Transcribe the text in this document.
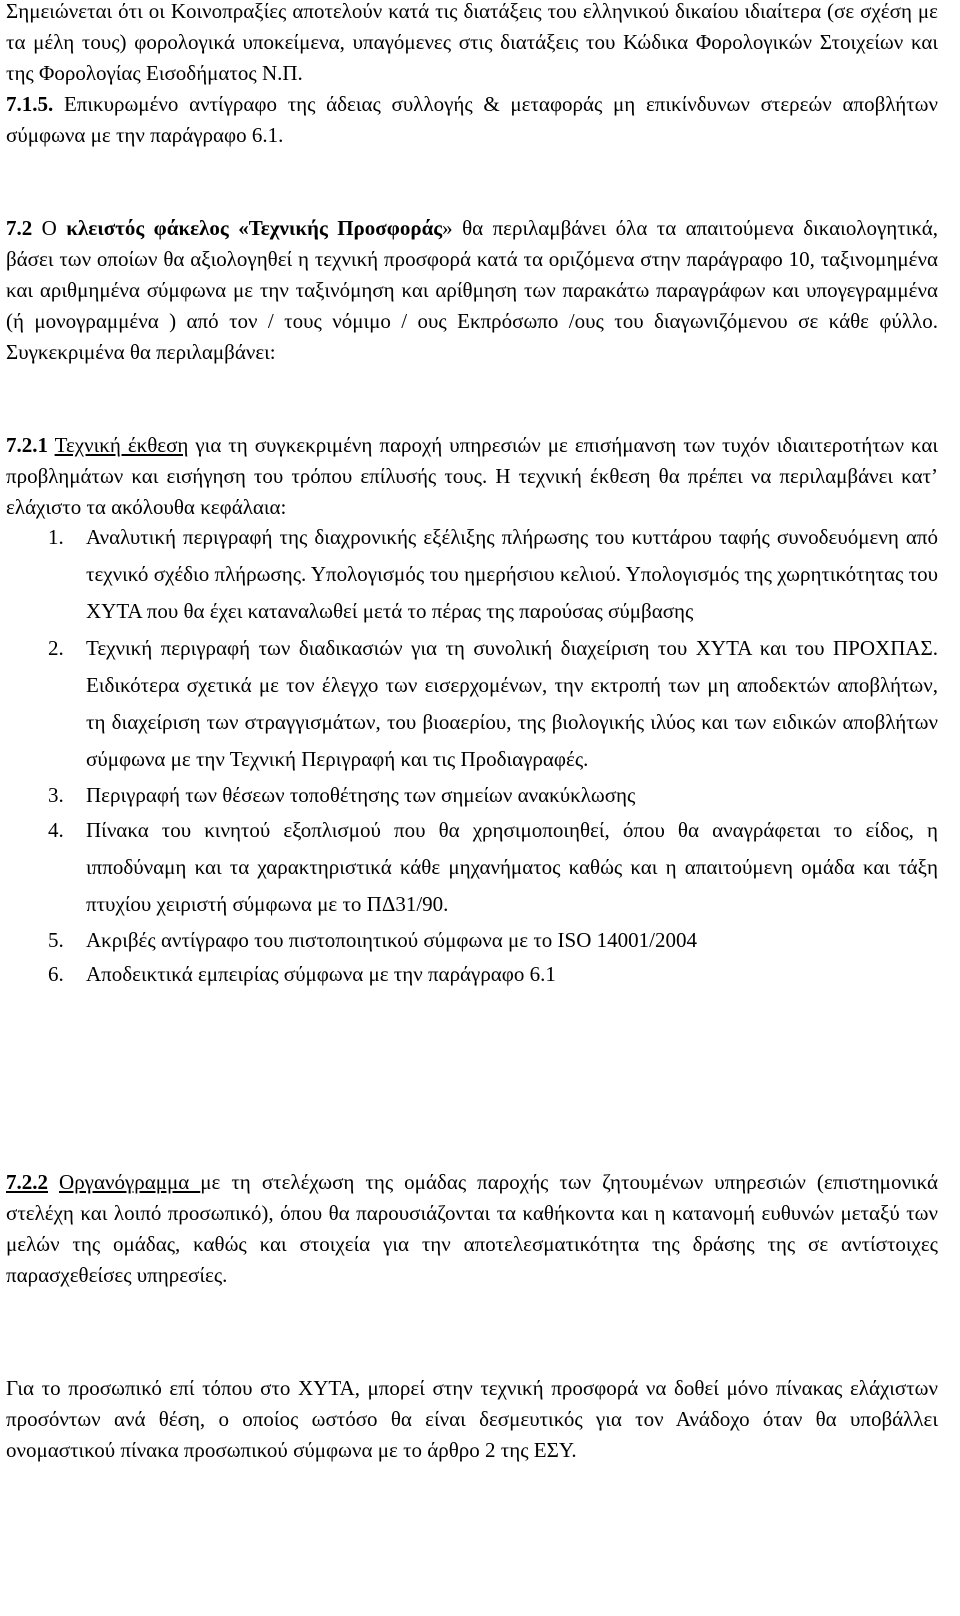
Σημειώνεται ότι οι Κοινοπραξίες αποτελούν κατά τις διατάξεις του ελληνικού δικαίου ιδιαίτερα (σε σχέση με τα μέλη τους) φορολογικά υποκείμενα, υπαγόμενες στις διατάξεις του Κώδικα Φορολογικών Στοιχείων και της Φορολογίας Εισοδήματος Ν.Π.

7.1.5. Επικυρωμένο αντίγραφο της άδειας συλλογής & μεταφοράς μη επικίνδυνων στερεών αποβλήτων σύμφωνα με την παράγραφο 6.1.

7.2 Ο κλειστός φάκελος «Τεχνικής Προσφοράς» θα περιλαμβάνει όλα τα απαιτούμενα δικαιολογητικά, βάσει των οποίων θα αξιολογηθεί η τεχνική προσφορά κατά τα οριζόμενα στην παράγραφο 10, ταξινομημένα και αριθμημένα σύμφωνα με την ταξινόμηση και αρίθμηση των παρακάτω παραγράφων και υπογεγραμμένα (ή μονογραμμένα ) από τον / τους νόμιμο / ους Εκπρόσωπο /ους του διαγωνιζόμενου σε κάθε φύλλο. Συγκεκριμένα θα περιλαμβάνει:

7.2.1 Τεχνική έκθεση για τη συγκεκριμένη παροχή υπηρεσιών με επισήμανση των τυχόν ιδιαιτεροτήτων και προβλημάτων και εισήγηση του τρόπου επίλυσής τους. Η τεχνική έκθεση θα πρέπει να περιλαμβάνει κατ’ ελάχιστο τα ακόλουθα κεφάλαια:

1. Αναλυτική περιγραφή της διαχρονικής εξέλιξης πλήρωσης του κυττάρου ταφής συνοδευόμενη από τεχνικό σχέδιο πλήρωσης. Υπολογισμός του ημερήσιου κελιού. Υπολογισμός της χωρητικότητας του ΧΥΤΑ που θα έχει καταναλωθεί μετά το πέρας της παρούσας σύμβασης
2. Τεχνική περιγραφή των διαδικασιών για τη συνολική διαχείριση του ΧΥΤΑ και του ΠΡΟΧΠΑΣ. Ειδικότερα σχετικά με τον έλεγχο των εισερχομένων, την εκτροπή των μη αποδεκτών αποβλήτων, τη διαχείριση των στραγγισμάτων, του βιοαερίου, της βιολογικής ιλύος και των ειδικών αποβλήτων σύμφωνα με την Τεχνική Περιγραφή και τις Προδιαγραφές.
3. Περιγραφή των θέσεων τοποθέτησης των σημείων ανακύκλωσης
4. Πίνακα του κινητού εξοπλισμού που θα χρησιμοποιηθεί, όπου θα αναγράφεται το είδος, η ιπποδύναμη και τα χαρακτηριστικά κάθε μηχανήματος καθώς και η απαιτούμενη ομάδα και τάξη πτυχίου χειριστή σύμφωνα με το ΠΔ31/90.
5. Ακριβές αντίγραφο του πιστοποιητικού σύμφωνα με το ISO 14001/2004
6. Αποδεικτικά εμπειρίας σύμφωνα με την παράγραφο 6.1

7.2.2 Οργανόγραμμα με τη στελέχωση της ομάδας παροχής των ζητουμένων υπηρεσιών (επιστημονικά στελέχη και λοιπό προσωπικό), όπου θα παρουσιάζονται τα καθήκοντα και η κατανομή ευθυνών μεταξύ των μελών της ομάδας, καθώς και στοιχεία για την αποτελεσματικότητα της δράσης της σε αντίστοιχες παρασχεθείσες υπηρεσίες.

Για το προσωπικό επί τόπου στο ΧΥΤΑ, μπορεί στην τεχνική προσφορά να δοθεί μόνο πίνακας ελάχιστων προσόντων ανά θέση, ο οποίος ωστόσο θα είναι δεσμευτικός για τον Ανάδοχο όταν θα υποβάλλει ονομαστικού πίνακα προσωπικού σύμφωνα με το άρθρο 2 της ΕΣΥ.
